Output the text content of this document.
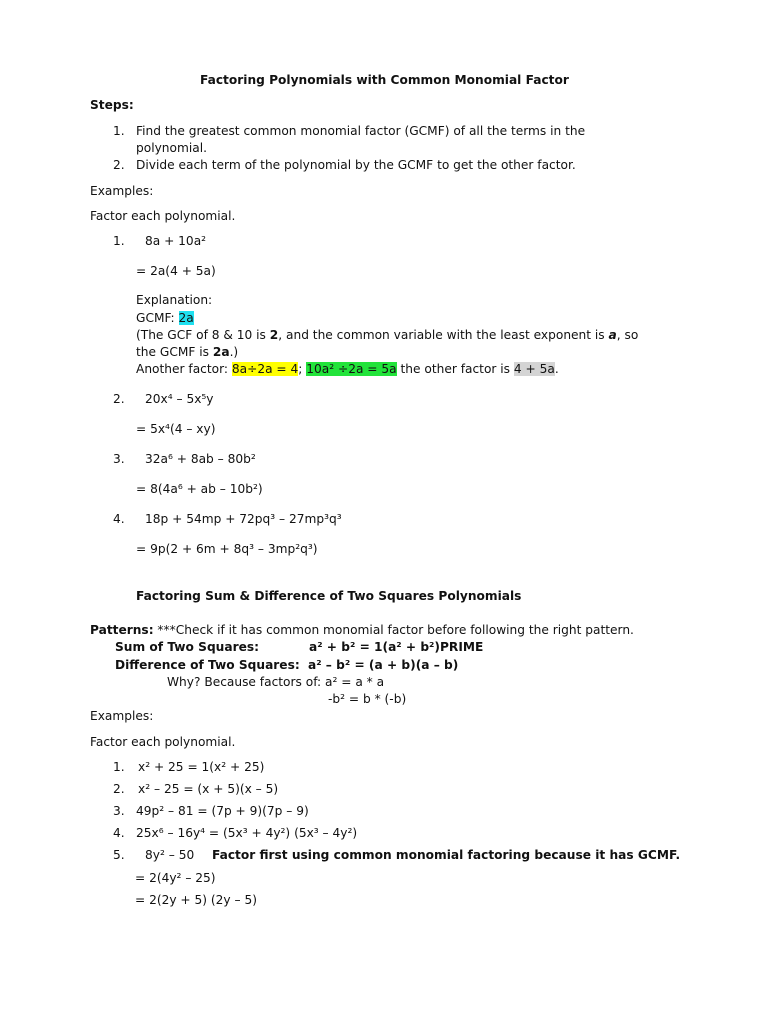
Factoring Polynomials with Common Monomial Factor
Steps:
1. Find the greatest common monomial factor (GCMF) of all the terms in the
polynomial.
2. Divide each term of the polynomial by the GCMF to get the other factor.
Examples:
Factor each polynomial.
1. 8a + 10a²
= 2a(4 + 5a)
Explanation:
GCMF: 2a
(The GCF of 8 & 10 is 2, and the common variable with the least exponent is a, so
the GCMF is 2a.)
Another factor: 8a÷2a = 4; 10a² ÷2a = 5a the other factor is 4 + 5a.
2. 20x⁴ – 5x⁵y
= 5x⁴(4 – xy)
3. 32a⁶ + 8ab – 80b²
= 8(4a⁶ + ab – 10b²)
4. 18p + 54mp + 72pq³ – 27mp³q³
= 9p(2 + 6m + 8q³ – 3mp²q³)
Factoring Sum & Difference of Two Squares Polynomials
Patterns: ***Check if it has common monomial factor before following the right pattern.
Sum of Two Squares:	a² + b² = 1(a² + b²) PRIME
Difference of Two Squares: a² – b² = (a + b)(a – b)
Why? Because factors of: a² = a * a
-b² = b * (-b)
Examples:
Factor each polynomial.
1. x² + 25 = 1(x² + 25)
2. x² – 25 = (x + 5)(x – 5)
3. 49p² – 81 = (7p + 9)(7p – 9)
4. 25x⁶ – 16y⁴ = (5x³ + 4y²) (5x³ – 4y²)
5. 8y² – 50 Factor first using common monomial factoring because it has GCMF.
= 2(4y² – 25)
= 2(2y + 5) (2y – 5)
